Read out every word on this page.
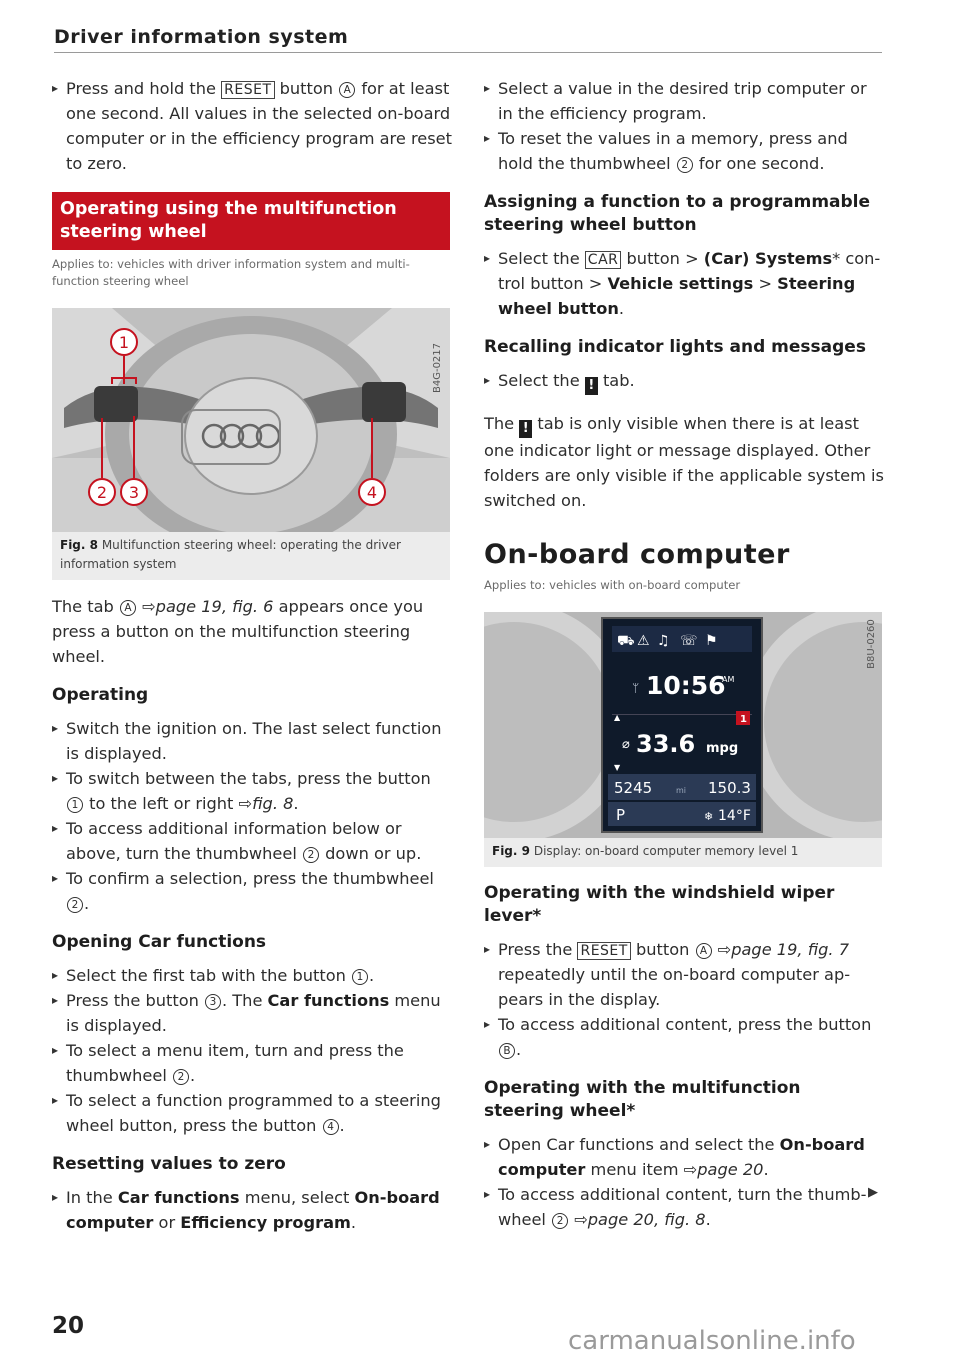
Driver information system
▸ Press and hold the RESET button A for at least one second. All values in the selected on-board computer or in the efficiency program are reset to zero.
Operating using the multifunction steering wheel
Applies to: vehicles with driver information system and multi-function steering wheel
1
2 3	4
B4G-0217
Fig. 8 Multifunction steering wheel: operating the driver information system

The tab A ⇨page 19, fig. 6 appears once you press a button on the multifunction steering wheel.

Operating
▸ Switch the ignition on. The last select function is displayed.
▸ To switch between the tabs, press the button 1 to the left or right ⇨fig. 8.
▸ To access additional information below or above, turn the thumbwheel 2 down or up.
▸ To confirm a selection, press the thumbwheel 2 .
Opening Car functions
▸ Select the first tab with the button 1 .
▸ Press the button 3 . The Car functions menu is displayed.
▸ To select a menu item, turn and press the thumbwheel 2 .
▸ To select a function programmed to a steering wheel button, press the button 4 .
Resetting values to zero
▸ In the Car functions menu, select On-board computer or Efficiency program.
▸ Select a value in the desired trip computer or in the efficiency program.
▸ To reset the values in a memory, press and hold the thumbwheel 2 for one second.
Assigning a function to a programmable steering wheel button
▸ Select the CAR button > (Car) Systems* con-trol button > Vehicle settings > Steering wheel button.
Recalling indicator lights and messages
▸ Select the ! tab.

The ! tab is only visible when there is at least one indicator light or message displayed. Other folders are only visible if the applicable system is switched on.

On-board computer
Applies to: vehicles with on-board computer
⛟ ⚠ ♫ ☏ ⚑
ᛘ 10:56
AM
▲	1
⌀ 33.6 mpg
▼
5245	mi 150.3
P	❄ 14°F
B8U-0260
Fig. 9 Display: on-board computer memory level 1
Operating with the windshield wiper lever*
▸ Press the RESET button A ⇨page 19, fig. 7 repeatedly until the on-board computer ap-pears in the display.
▸ To access additional content, press the button B .
Operating with the multifunction steering wheel*
▸ Open Car functions and select the On-board computer menu item ⇨page 20.
▸ To access additional content, turn the thumb-wheel 2 ⇨page 20, fig. 8.
▶
20	carmanualsonline.info
